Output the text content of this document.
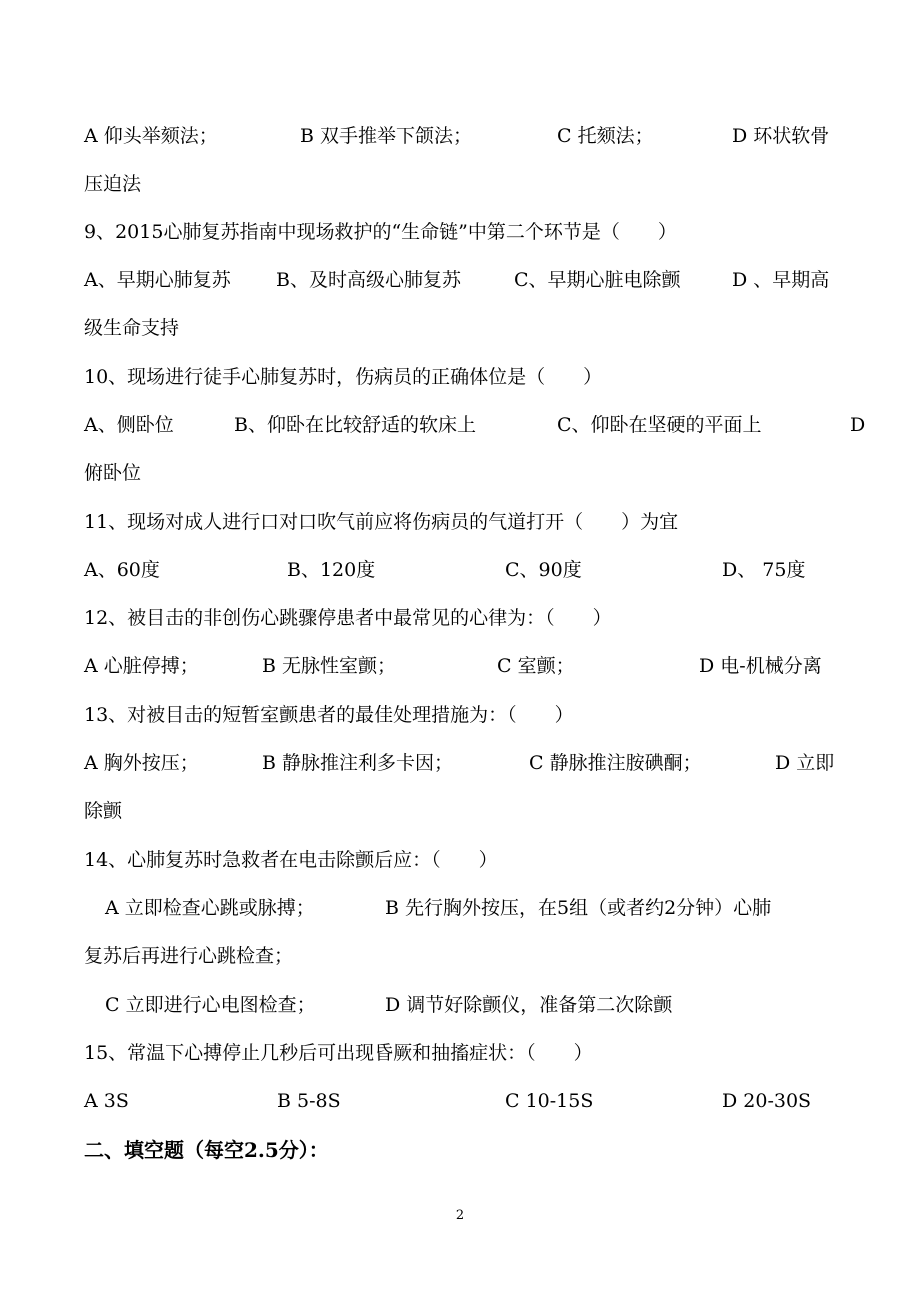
A 仰头举颏法；	B 双手推举下颌法；	C 托颏法；	D 环状软骨
压迫法
9、2015心肺复苏指南中现场救护的“生命链”中第二个环节是（　　）
A、早期心肺复苏 B、及时高级心肺复苏	C、早期心脏电除颤	D 、早期高
级生命支持
10、现场进行徒手心肺复苏时，伤病员的正确体位是（　　）
A、侧卧位	B、仰卧在比较舒适的软床上	C、仰卧在坚硬的平面上	D
俯卧位
11、现场对成人进行口对口吹气前应将伤病员的气道打开（　　）为宜
A、60度	B、120度	C、90度	D、 75度
12、被目击的非创伤心跳骤停患者中最常见的心律为：（　　）
A 心脏停搏；	B 无脉性室颤；	C 室颤；	D 电-机械分离
13、对被目击的短暂室颤患者的最佳处理措施为：（　　）
A 胸外按压；	B 静脉推注利多卡因；	C 静脉推注胺碘酮；	D 立即
除颤
14、心肺复苏时急救者在电击除颤后应：（　　）
A 立即检查心跳或脉搏；	B 先行胸外按压，在5组（或者约2分钟）心肺
复苏后再进行心跳检查；
C 立即进行心电图检查；	D 调节好除颤仪，准备第二次除颤
15、常温下心搏停止几秒后可出现昏厥和抽搐症状：（　　）
A 3S	B 5-8S	C 10-15S	D 20-30S
二、填空题（每空2.5分）：
2
